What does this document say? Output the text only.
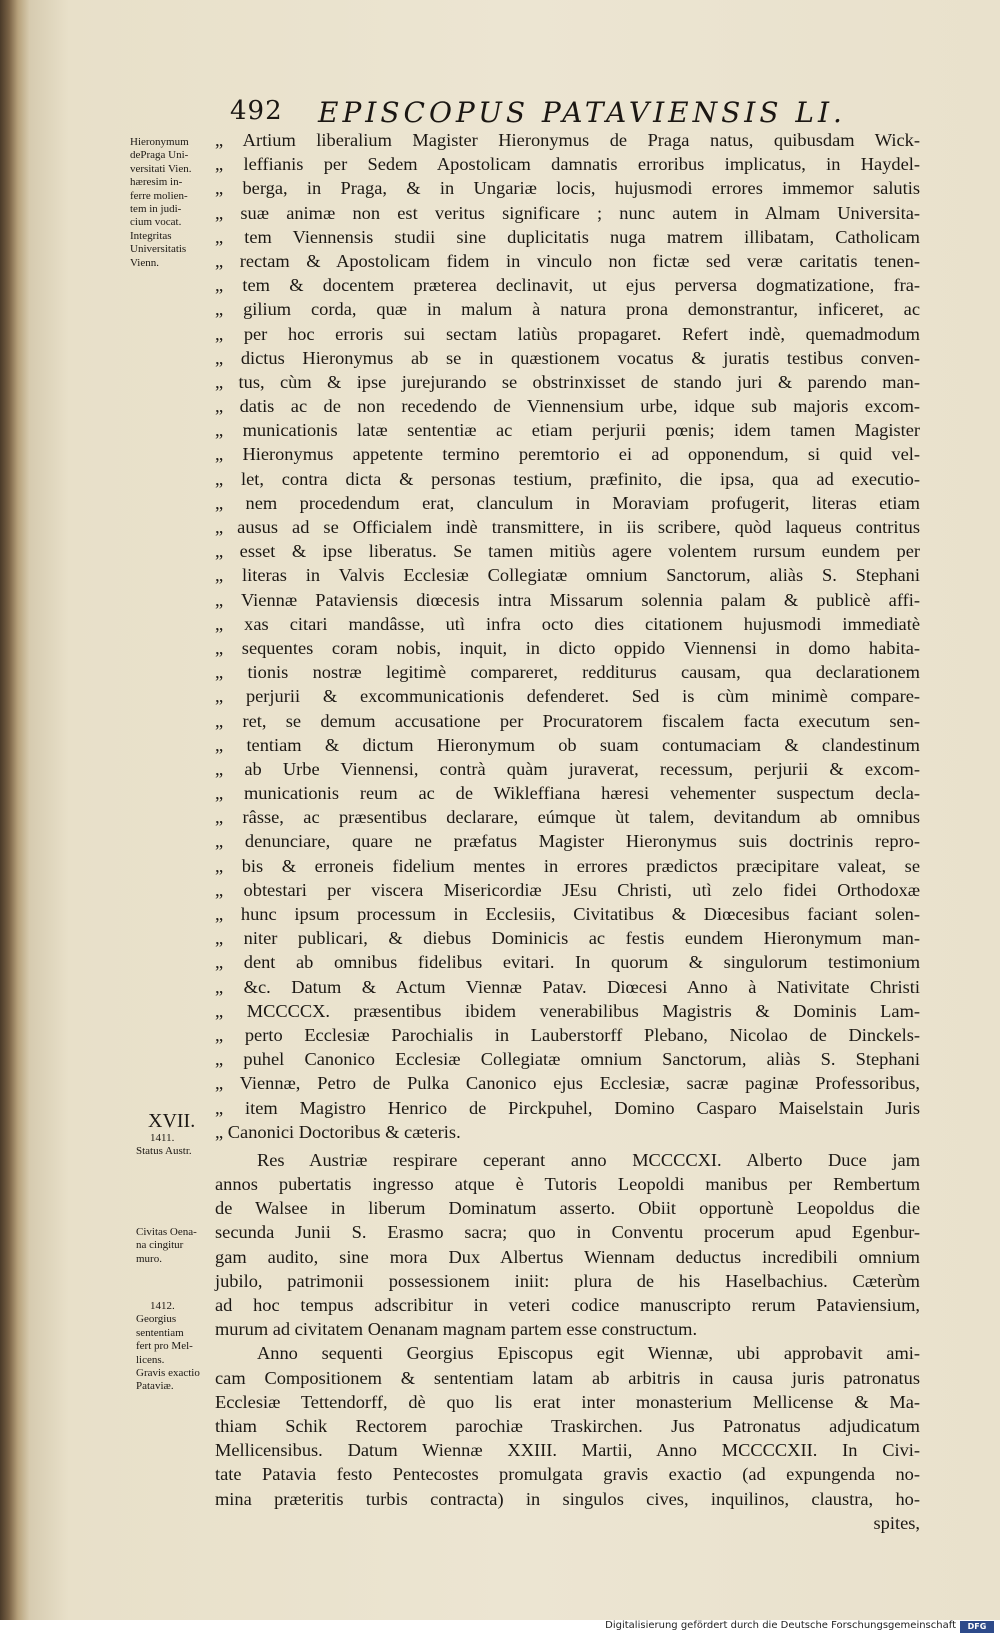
492 EPISCOPUS PATAVIENSIS LI.
Hieronymum
dePraga Uni-
versitati Vien.
hæresim in-
ferre molien-
tem in judi-
cium vocat.
Integritas
Universitatis
Vienn.
XVII.
1411.
Status Austr.
Civitas Oena-
na cingitur
muro.
1412.
Georgius
sententiam
fert pro Mel-
licens.
Gravis exactio
Pataviæ.
„ Artium liberalium Magister Hieronymus de Praga natus, quibusdam Wick-
„ leffianis per Sedem Apostolicam damnatis erroribus implicatus, in Haydel-
„ berga, in Praga, & in Ungariæ locis, hujusmodi errores immemor salutis
„ suæ animæ non est veritus significare ; nunc autem in Almam Universita-
„ tem Viennensis studii sine duplicitatis nuga matrem illibatam, Catholicam
„ rectam & Apostolicam fidem in vinculo non fictæ sed veræ caritatis tenen-
„ tem & docentem præterea declinavit, ut ejus perversa dogmatizatione, fra-
„ gilium corda, quæ in malum à natura prona demonstrantur, inficeret, ac
„ per hoc erroris sui sectam latiùs propagaret. Refert indè, quemadmodum
„ dictus Hieronymus ab se in quæstionem vocatus & juratis testibus conven-
„ tus, cùm & ipse jurejurando se obstrinxisset de stando juri & parendo man-
„ datis ac de non recedendo de Viennensium urbe, idque sub majoris excom-
„ municationis latæ sententiæ ac etiam perjurii pœnis; idem tamen Magister
„ Hieronymus appetente termino peremtorio ei ad opponendum, si quid vel-
„ let, contra dicta & personas testium, præfinito, die ipsa, qua ad executio-
„ nem procedendum erat, clanculum in Moraviam profugerit, literas etiam
„ ausus ad se Officialem indè transmittere, in iis scribere, quòd laqueus contritus
„ esset & ipse liberatus. Se tamen mitiùs agere volentem rursum eundem per
„ literas in Valvis Ecclesiæ Collegiatæ omnium Sanctorum, aliàs S. Stephani
„ Viennæ Pataviensis diœcesis intra Missarum solennia palam & publicè affi-
„ xas citari mandâsse, utì infra octo dies citationem hujusmodi immediatè
„ sequentes coram nobis, inquit, in dicto oppido Viennensi in domo habita-
„ tionis nostræ legitimè compareret, redditurus causam, qua declarationem
„ perjurii & excommunicationis defenderet. Sed is cùm minimè compare-
„ ret, se demum accusatione per Procuratorem fiscalem facta executum sen-
„ tentiam & dictum Hieronymum ob suam contumaciam & clandestinum
„ ab Urbe Viennensi, contrà quàm juraverat, recessum, perjurii & excom-
„ municationis reum ac de Wikleffiana hæresi vehementer suspectum decla-
„ râsse, ac præsentibus declarare, eúmque ùt talem, devitandum ab omnibus
„ denunciare, quare ne præfatus Magister Hieronymus suis doctrinis repro-
„ bis & erroneis fidelium mentes in errores prædictos præcipitare valeat, se
„ obtestari per viscera Misericordiæ JEsu Christi, utì zelo fidei Orthodoxæ
„ hunc ipsum processum in Ecclesiis, Civitatibus & Diœcesibus faciant solen-
„ niter publicari, & diebus Dominicis ac festis eundem Hieronymum man-
„ dent ab omnibus fidelibus evitari. In quorum & singulorum testimonium
„ &c. Datum & Actum Viennæ Patav. Diœcesi Anno à Nativitate Christi
„ MCCCCX. præsentibus ibidem venerabilibus Magistris & Dominis Lam-
„ perto Ecclesiæ Parochialis in Lauberstorff Plebano, Nicolao de Dinckels-
„ puhel Canonico Ecclesiæ Collegiatæ omnium Sanctorum, aliàs S. Stephani
„ Viennæ, Petro de Pulka Canonico ejus Ecclesiæ, sacræ paginæ Professoribus,
„ item Magistro Henrico de Pirckpuhel, Domino Casparo Maiselstain Juris
„ Canonici Doctoribus & cæteris.
Res Austriæ respirare ceperant anno MCCCCXI. Alberto Duce jam
annos pubertatis ingresso atque è Tutoris Leopoldi manibus per Rembertum
de Walsee in liberum Dominatum asserto. Obiit opportunè Leopoldus die
secunda Junii S. Erasmo sacra; quo in Conventu procerum apud Egenbur-
gam audito, sine mora Dux Albertus Wiennam deductus incredibili omnium
jubilo, patrimonii possessionem iniit: plura de his Haselbachius. Cæterùm
ad hoc tempus adscribitur in veteri codice manuscripto rerum Pataviensium,
murum ad civitatem Oenanam magnam partem esse constructum.
Anno sequenti Georgius Episcopus egit Wiennæ, ubi approbavit ami-
cam Compositionem & sententiam latam ab arbitris in causa juris patronatus
Ecclesiæ Tettendorff, dè quo lis erat inter monasterium Mellicense & Ma-
thiam Schik Rectorem parochiæ Traskirchen. Jus Patronatus adjudicatum
Mellicensibus. Datum Wiennæ XXIII. Martii, Anno MCCCCXII. In Civi-
tate Patavia festo Pentecostes promulgata gravis exactio (ad expungenda no-
mina præteritis turbis contracta) in singulos cives, inquilinos, claustra, ho-
spites,
Digitalisierung gefördert durch die Deutsche Forschungsgemeinschaft	DFG
